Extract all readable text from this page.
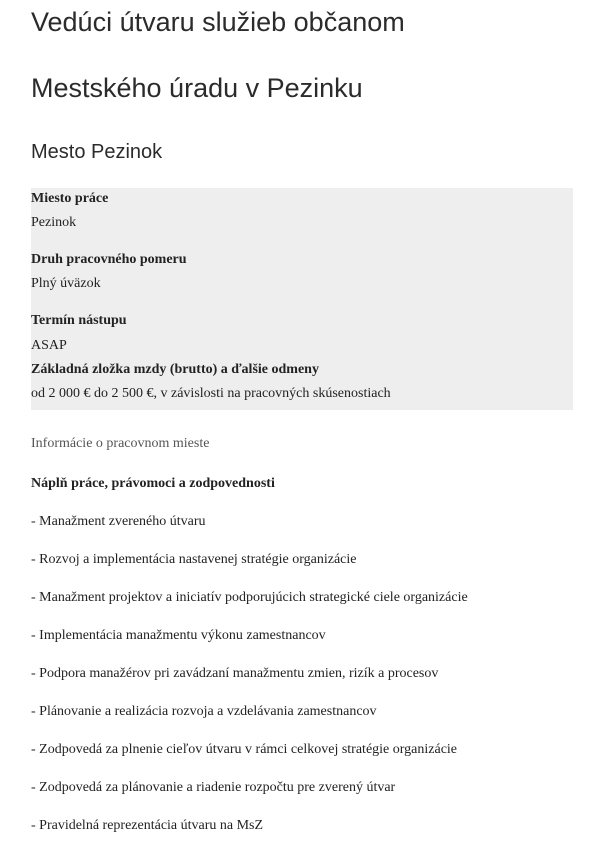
Vedúci útvaru služieb občanom
Mestského úradu v Pezinku
Mesto Pezinok
Miesto práce
Pezinok
Druh pracovného pomeru
Plný úväzok
Termín nástupu
ASAP
Základná zložka mzdy (brutto) a ďalšie odmeny
od 2 000 € do 2 500 €, v závislosti na pracovných skúsenostiach
Informácie o pracovnom mieste
Náplň práce, právomoci a zodpovednosti
- Manažment zvereného útvaru
- Rozvoj a implementácia nastavenej stratégie organizácie
- Manažment projektov a iniciatív podporujúcich strategické ciele organizácie
- Implementácia manažmentu výkonu zamestnancov
- Podpora manažérov pri zavádzaní manažmentu zmien, rizík a procesov
- Plánovanie a realizácia rozvoja a vzdelávania zamestnancov
- Zodpovedá za plnenie cieľov útvaru v rámci celkovej stratégie organizácie
- Zodpovedá za plánovanie a riadenie rozpočtu pre zverený útvar
- Pravidelná reprezentácia útvaru na MsZ
